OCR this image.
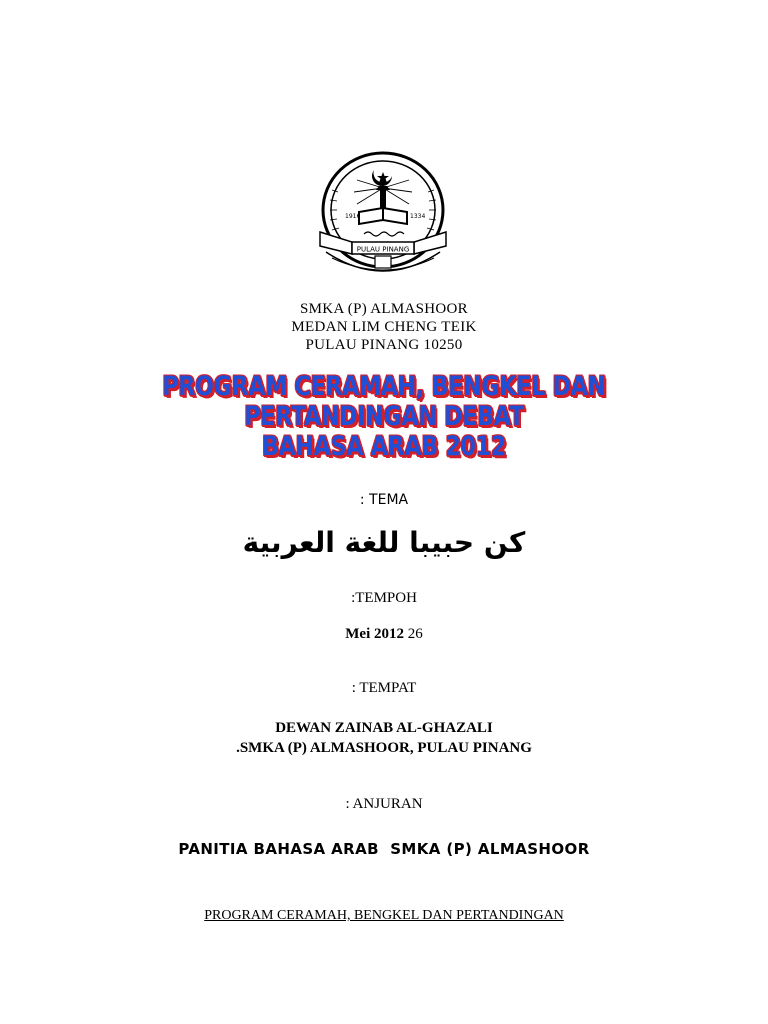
1916	1334
PULAU PINANG
SMKA (P) ALMASHOOR
MEDAN LIM CHENG TEIK
PULAU PINANG 10250
PROGRAM CERAMAH, BENGKEL DAN
PERTANDINGAN DEBAT
BAHASA ARAB 2012
: TEMA
كن حبيبا للغة العربية
:TEMPOH
Mei 2012 26
: TEMPAT
DEWAN ZAINAB AL-GHAZALI
.SMKA (P) ALMASHOOR, PULAU PINANG
: ANJURAN
PANITIA BAHASA ARAB  SMKA (P) ALMASHOOR
PROGRAM CERAMAH, BENGKEL DAN PERTANDINGAN
